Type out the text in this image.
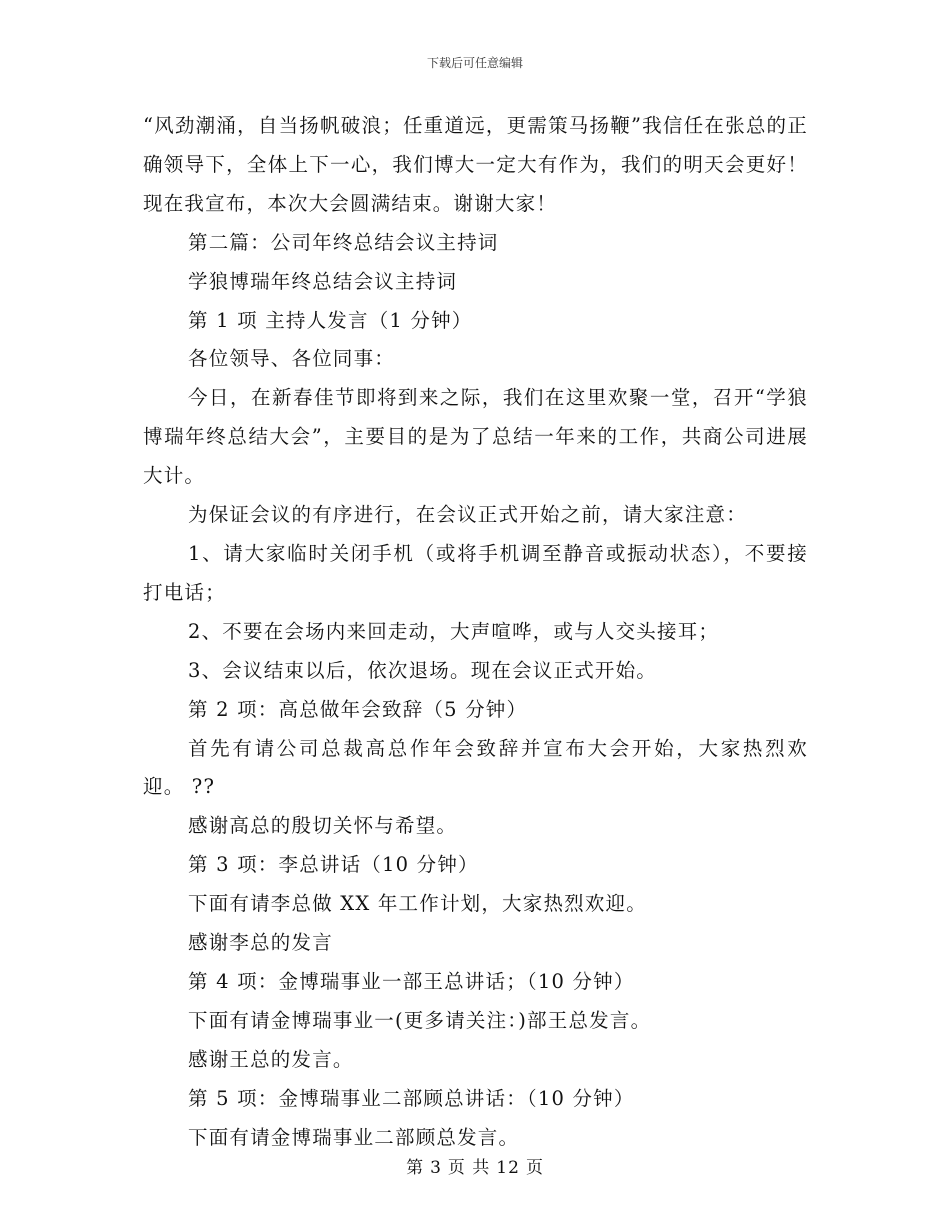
下载后可任意编辑

“风劲潮涌，自当扬帆破浪；任重道远，更需策马扬鞭”我信任在张总的正确领导下，全体上下一心，我们博大一定大有作为，我们的明天会更好！现在我宣布，本次大会圆满结束。谢谢大家！

第二篇：公司年终总结会议主持词

学狼博瑞年终总结会议主持词

第 1 项 主持人发言（1 分钟）

各位领导、各位同事：

今日，在新春佳节即将到来之际，我们在这里欢聚一堂，召开“学狼博瑞年终总结大会”，主要目的是为了总结一年来的工作，共商公司进展大计。

为保证会议的有序进行，在会议正式开始之前，请大家注意：

1、请大家临时关闭手机（或将手机调至静音或振动状态），不要接打电话；

2、不要在会场内来回走动，大声喧哗，或与人交头接耳；

3、会议结束以后，依次退场。现在会议正式开始。

第 2 项：高总做年会致辞（5 分钟）

首先有请公司总裁高总作年会致辞并宣布大会开始，大家热烈欢迎。 ??

感谢高总的殷切关怀与希望。

第 3 项：李总讲话（10 分钟）

下面有请李总做 XX 年工作计划，大家热烈欢迎。

感谢李总的发言

第 4 项：金博瑞事业一部王总讲话；（10 分钟）

下面有请金博瑞事业一(更多请关注：)部王总发言。

感谢王总的发言。

第 5 项：金博瑞事业二部顾总讲话：（10 分钟）

下面有请金博瑞事业二部顾总发言。

第 3 页 共 12 页
